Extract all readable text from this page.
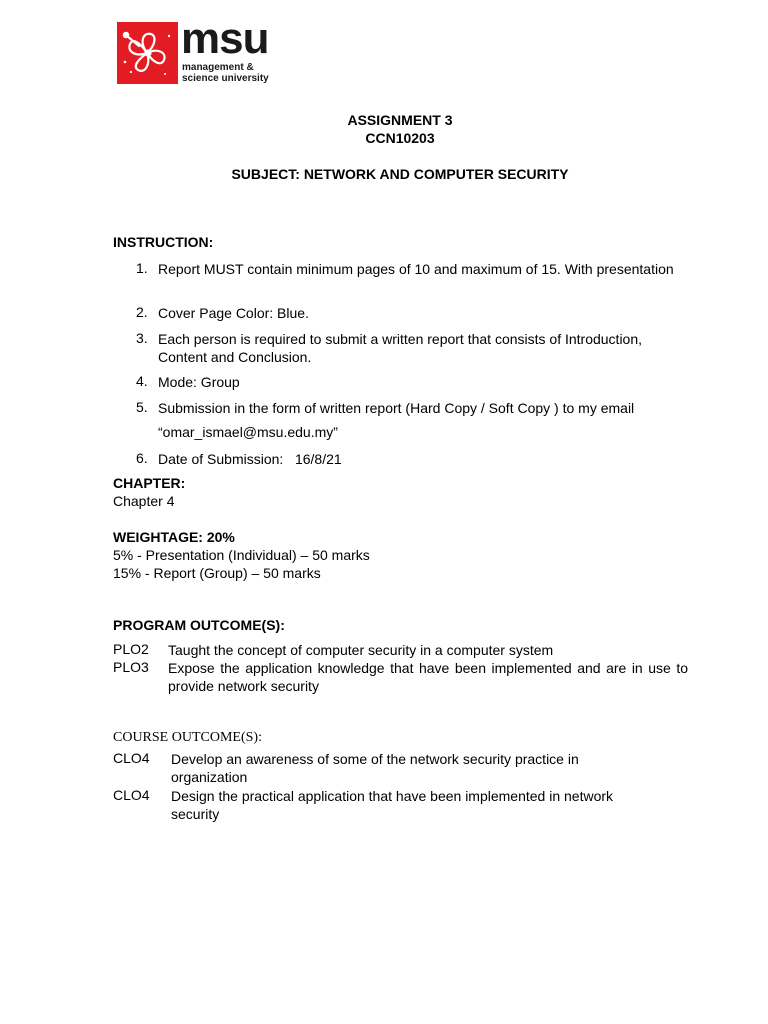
msu
management &
science university
ASSIGNMENT 3
CCN10203
SUBJECT: NETWORK AND COMPUTER SECURITY
INSTRUCTION:
1. Report MUST contain minimum pages of 10 and maximum of 15. With presentation
2. Cover Page Color: Blue.
3. Each person is required to submit a written report that consists of Introduction, Content and Conclusion.
4. Mode: Group
5. Submission in the form of written report (Hard Copy / Soft Copy ) to my email
“omar_ismael@msu.edu.my”
6. Date of Submission:   16/8/21
CHAPTER:
Chapter 4
WEIGHTAGE: 20%
5% - Presentation (Individual) – 50 marks
15% - Report (Group) – 50 marks
PROGRAM OUTCOME(S):
PLO2 Taught the concept of computer security in a computer system
PLO3 Expose the application knowledge that have been implemented and are in use to provide network security
COURSE OUTCOME(S):
CLO4 Develop an awareness of some of the network security practice in organization
CLO4 Design the practical application that have been implemented in network security
